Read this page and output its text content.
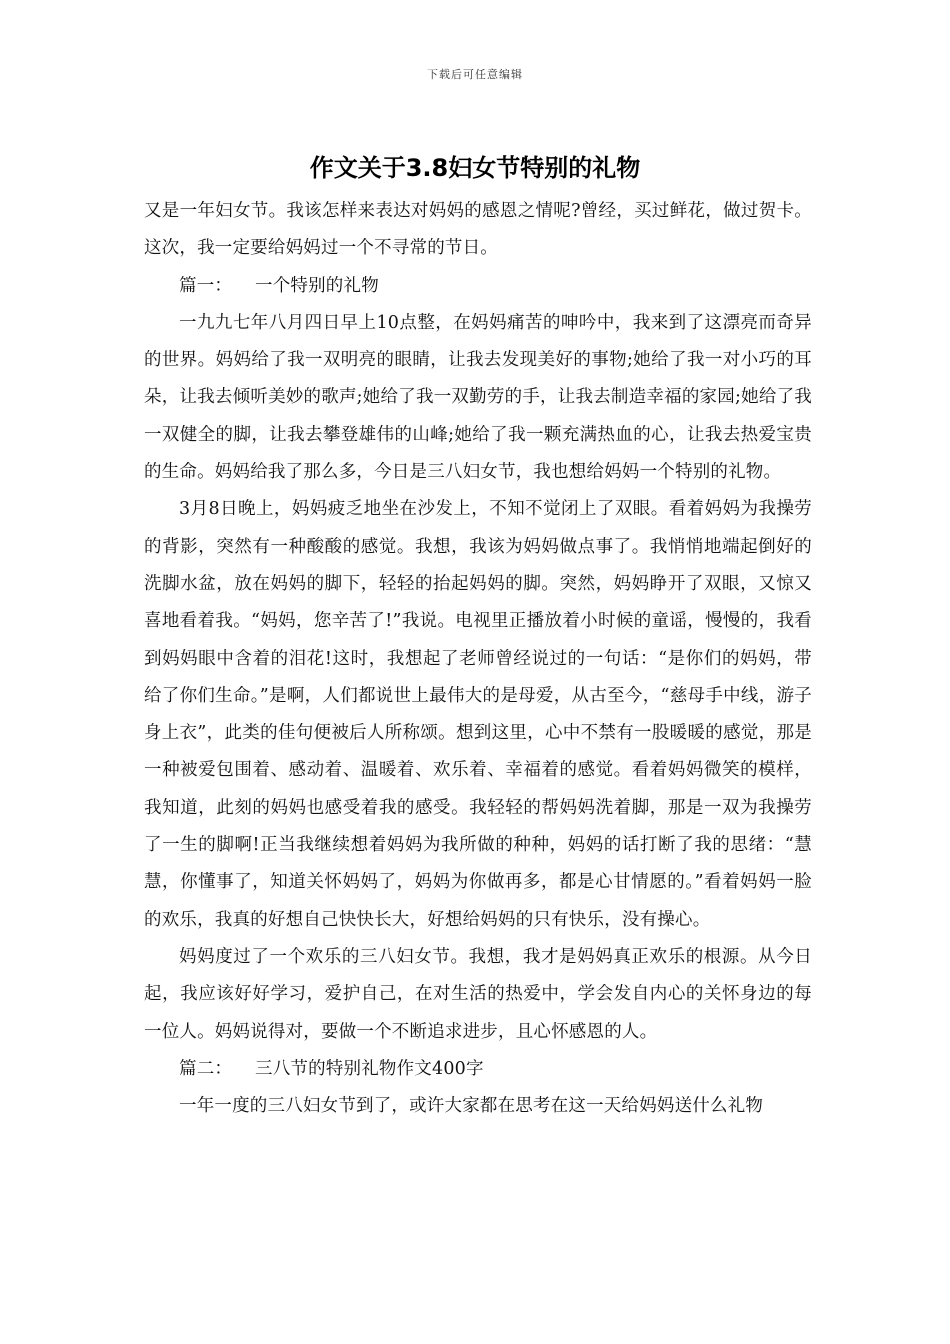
下载后可任意编辑
作文关于3.8妇女节特别的礼物

又是一年妇女节。我该怎样来表达对妈妈的感恩之情呢?曾经，买过鲜花，做过贺卡。这次，我一定要给妈妈过一个不寻常的节日。

篇一： 一个特别的礼物

一九九七年八月四日早上10点整，在妈妈痛苦的呻吟中，我来到了这漂亮而奇异的世界。妈妈给了我一双明亮的眼睛，让我去发现美好的事物;她给了我一对小巧的耳朵，让我去倾听美妙的歌声;她给了我一双勤劳的手，让我去制造幸福的家园;她给了我一双健全的脚，让我去攀登雄伟的山峰;她给了我一颗充满热血的心，让我去热爱宝贵的生命。妈妈给我了那么多，今日是三八妇女节，我也想给妈妈一个特别的礼物。

3月8日晚上，妈妈疲乏地坐在沙发上，不知不觉闭上了双眼。看着妈妈为我操劳的背影，突然有一种酸酸的感觉。我想，我该为妈妈做点事了。我悄悄地端起倒好的洗脚水盆，放在妈妈的脚下，轻轻的抬起妈妈的脚。突然，妈妈睁开了双眼，又惊又喜地看着我。“妈妈，您辛苦了!”我说。电视里正播放着小时候的童谣，慢慢的，我看到妈妈眼中含着的泪花!这时，我想起了老师曾经说过的一句话：“是你们的妈妈，带给了你们生命。”是啊，人们都说世上最伟大的是母爱，从古至今，“慈母手中线，游子身上衣”，此类的佳句便被后人所称颂。想到这里，心中不禁有一股暖暖的感觉，那是一种被爱包围着、感动着、温暖着、欢乐着、幸福着的感觉。看着妈妈微笑的模样，我知道，此刻的妈妈也感受着我的感受。我轻轻的帮妈妈洗着脚，那是一双为我操劳了一生的脚啊!正当我继续想着妈妈为我所做的种种，妈妈的话打断了我的思绪：“慧慧，你懂事了，知道关怀妈妈了，妈妈为你做再多，都是心甘情愿的。”看着妈妈一脸的欢乐，我真的好想自己快快长大，好想给妈妈的只有快乐，没有操心。

妈妈度过了一个欢乐的三八妇女节。我想，我才是妈妈真正欢乐的根源。从今日起，我应该好好学习，爱护自己，在对生活的热爱中，学会发自内心的关怀身边的每一位人。妈妈说得对，要做一个不断追求进步，且心怀感恩的人。

篇二： 三八节的特别礼物作文400字

一年一度的三八妇女节到了，或许大家都在思考在这一天给妈妈送什么礼物
